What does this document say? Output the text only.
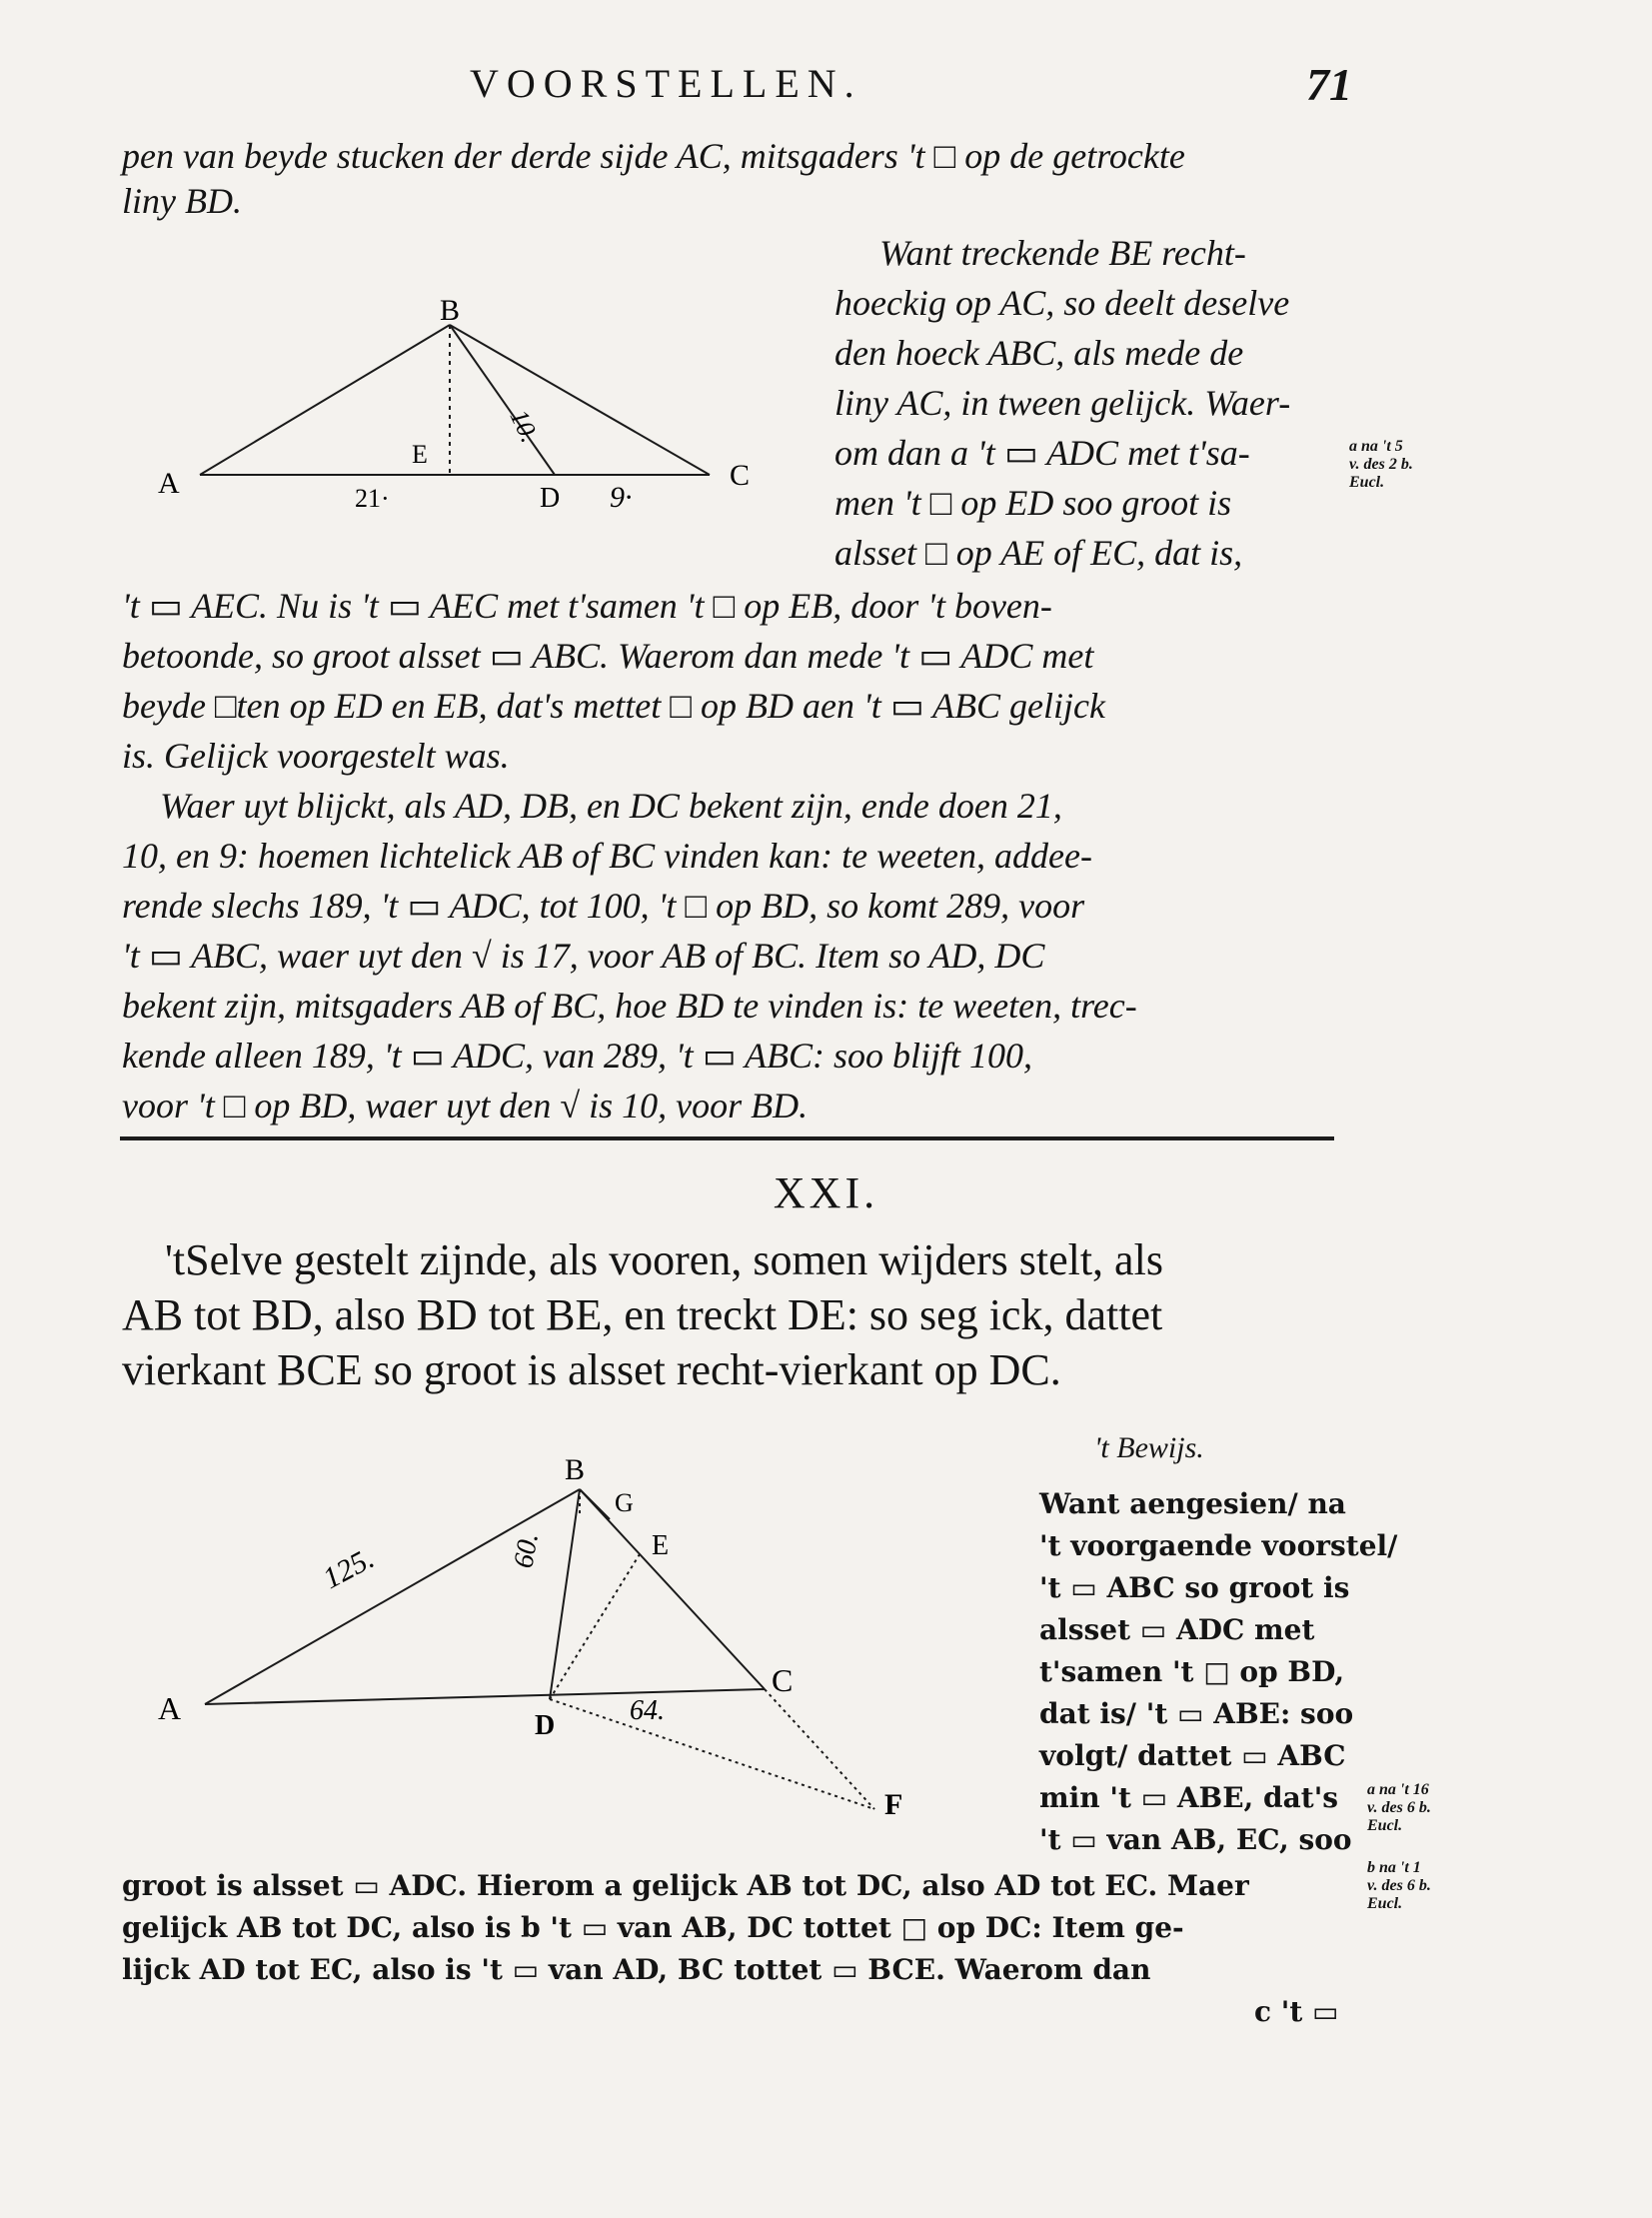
VOORSTELLEN.	71
pen van beyde stucken der derde sijde AC, mitsgaders 't □ op de getrockte
liny BD.
B
A	C
E
D
21·	9·
10.
Want treckende BE recht-
hoeckig op AC, so deelt deselve
den hoeck ABC, als mede de
liny AC, in tween gelijck. Waer-
om dan a 't ▭ ADC met t'sa-
men 't □ op ED soo groot is
alsset □ op AE of EC, dat is,
a na 't 5
v. des 2 b.
Eucl.
't ▭ AEC. Nu is 't ▭ AEC met t'samen 't □ op EB, door 't boven-
betoonde, so groot alsset ▭ ABC. Waerom dan mede 't ▭ ADC met
beyde □ten op ED en EB, dat's mettet □ op BD aen 't ▭ ABC gelijck
is. Gelijck voorgestelt was.
Waer uyt blijckt, als AD, DB, en DC bekent zijn, ende doen 21,
10, en 9: hoemen lichtelick AB of BC vinden kan: te weeten, addee-
rende slechs 189, 't ▭ ADC, tot 100, 't □ op BD, so komt 289, voor
't ▭ ABC, waer uyt den √ is 17, voor AB of BC. Item so AD, DC
bekent zijn, mitsgaders AB of BC, hoe BD te vinden is: te weeten, trec-
kende alleen 189, 't ▭ ADC, van 289, 't ▭ ABC: soo blijft 100,
voor 't □ op BD, waer uyt den √ is 10, voor BD.
XXI.
'tSelve gestelt zijnde, als vooren, somen wijders stelt, als
AB tot BD, also BD tot BE, en treckt DE: so seg ick, dattet
vierkant BCE so groot is alsset recht-vierkant op DC.
B
A
C
D
E
F
G
125.	60.
64.
't Bewijs.
Want aengesien/ na
't voorgaende voorstel/
't ▭ ABC so groot is
alsset ▭ ADC met
t'samen 't □ op BD,
dat is/ 't ▭ ABE: soo
volgt/ dattet ▭ ABC
min 't ▭ ABE, dat's
't ▭ van AB, EC, soo
a na 't 16
v. des 6 b.
Eucl.
b na 't 1
v. des 6 b.
Eucl.
groot is alsset ▭ ADC. Hierom a gelijck AB tot DC, also AD tot EC. Maer
gelijck AB tot DC, also is b 't ▭ van AB, DC tottet □ op DC: Item ge-
lijck AD tot EC, also is 't ▭ van AD, BC tottet ▭ BCE. Waerom dan
c 't ▭
